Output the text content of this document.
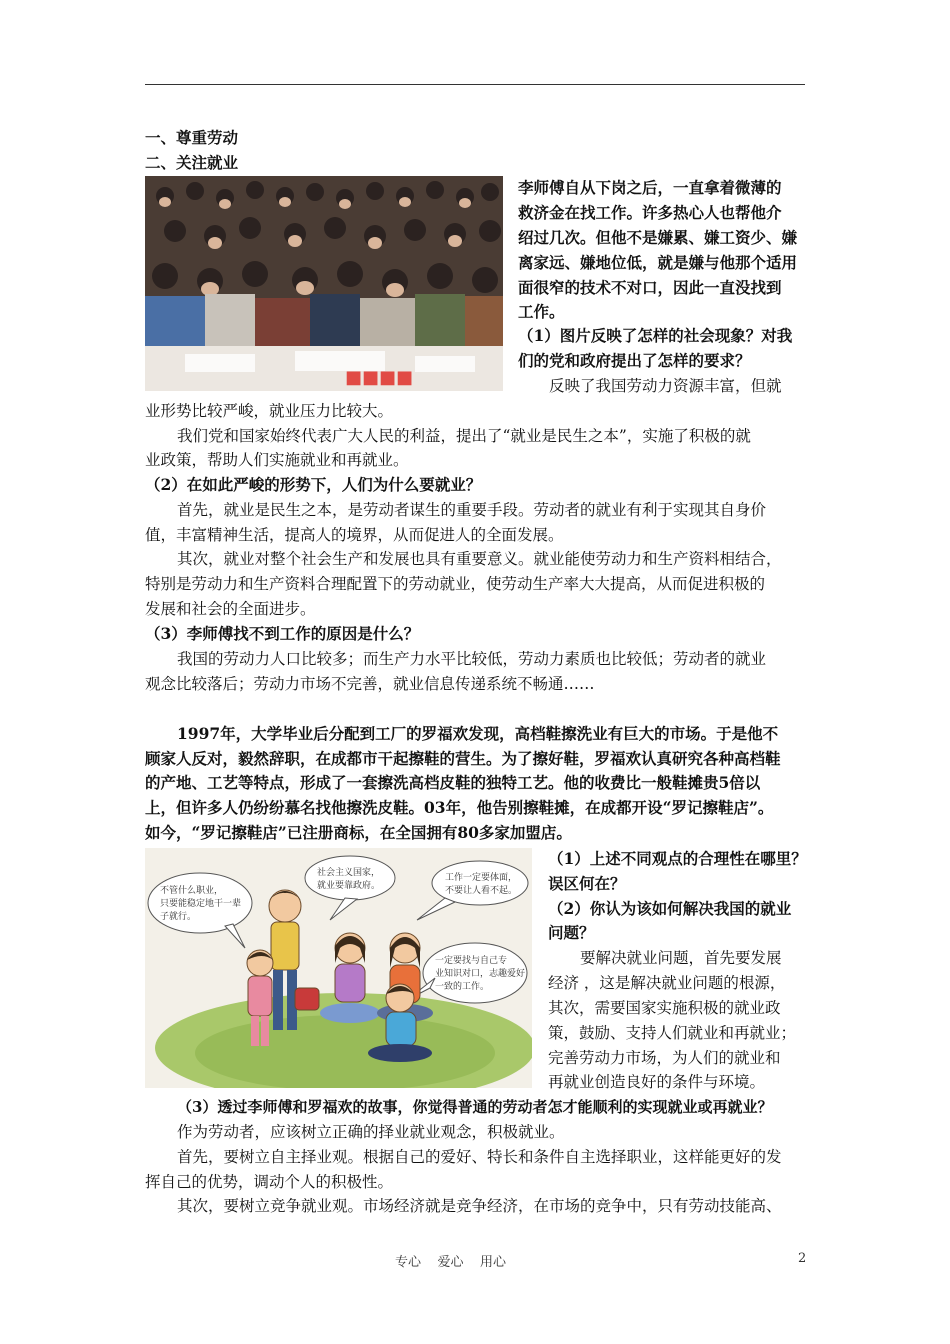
一、尊重劳动
二、关注就业
■■■■
李师傅自从下岗之后，一直拿着微薄的
救济金在找工作。许多热心人也帮他介
绍过几次。但他不是嫌累、嫌工资少、嫌
离家远、嫌地位低，就是嫌与他那个适用
面很窄的技术不对口，因此一直没找到
工作。
（1）图片反映了怎样的社会现象？对我
们的党和政府提出了怎样的要求？
反映了我国劳动力资源丰富，但就
业形势比较严峻，就业压力比较大。
我们党和国家始终代表广大人民的利益，提出了“就业是民生之本”，实施了积极的就
业政策，帮助人们实施就业和再就业。
（2）在如此严峻的形势下，人们为什么要就业？
首先，就业是民生之本，是劳动者谋生的重要手段。劳动者的就业有利于实现其自身价
值，丰富精神生活，提高人的境界，从而促进人的全面发展。
其次，就业对整个社会生产和发展也具有重要意义。就业能使劳动力和生产资料相结合，
特别是劳动力和生产资料合理配置下的劳动就业，使劳动生产率大大提高，从而促进积极的
发展和社会的全面进步。
（3）李师傅找不到工作的原因是什么？
我国的劳动力人口比较多；而生产力水平比较低，劳动力素质也比较低；劳动者的就业
观念比较落后；劳动力市场不完善，就业信息传递系统不畅通……
1997年，大学毕业后分配到工厂的罗福欢发现，高档鞋擦洗业有巨大的市场。于是他不
顾家人反对，毅然辞职，在成都市干起擦鞋的营生。为了擦好鞋，罗福欢认真研究各种高档鞋
的产地、工艺等特点，形成了一套擦洗高档皮鞋的独特工艺。他的收费比一般鞋摊贵5倍以
上，但许多人仍纷纷慕名找他擦洗皮鞋。03年，他告别擦鞋摊，在成都开设“罗记擦鞋店”。
如今，“罗记擦鞋店”已注册商标，在全国拥有80多家加盟店。
不管什么职业， 只要能稳定地干一辈 子就行。
社会主义国家， 就业要靠政府。
工作一定要体面， 不要让人看不起。
一定要找与自己专 业知识对口，志趣爱好 一致的工作。
（1）上述不同观点的合理性在哪里？
误区何在？
（2）你认为该如何解决我国的就业
问题？
要解决就业问题，首先要发展
经济 ，这是解决就业问题的根源，
其次，需要国家实施积极的就业政
策，鼓励、支持人们就业和再就业；
完善劳动力市场，为人们的就业和
再就业创造良好的条件与环境。
（3）透过李师傅和罗福欢的故事，你觉得普通的劳动者怎才能顺利的实现就业或再就业？
作为劳动者，应该树立正确的择业就业观念，积极就业。
首先，要树立自主择业观。根据自己的爱好、特长和条件自主选择职业，这样能更好的发
挥自己的优势，调动个人的积极性。
其次，要树立竞争就业观。市场经济就是竞争经济，在市场的竞争中，只有劳动技能高、
专心    爱心    用心	2
